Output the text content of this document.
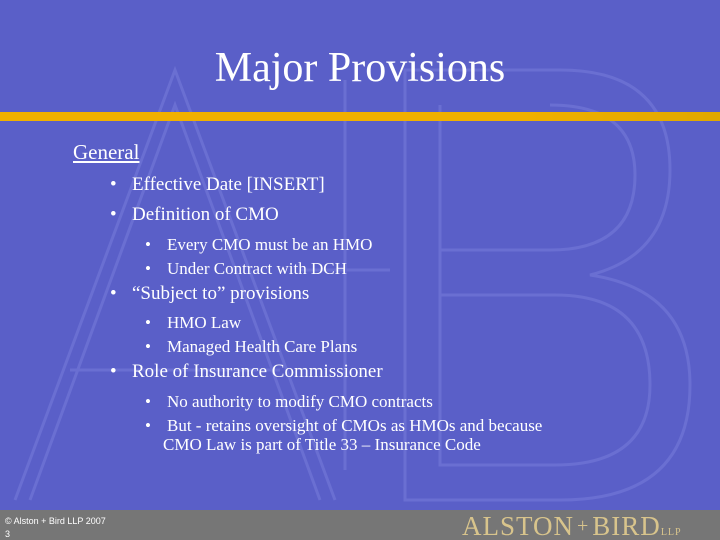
Major Provisions
General
• Effective Date [INSERT]
• Definition of CMO
• Every CMO must be an HMO
• Under Contract with DCH
• “Subject to” provisions
• HMO Law
• Managed Health Care Plans
• Role of Insurance Commissioner
• No authority to modify CMO contracts
• But - retains oversight of CMOs as HMOs and because
CMO Law is part of Title 33 – Insurance Code
© Alston + Bird LLP 2007
3	ALSTON + BIRDLLP
